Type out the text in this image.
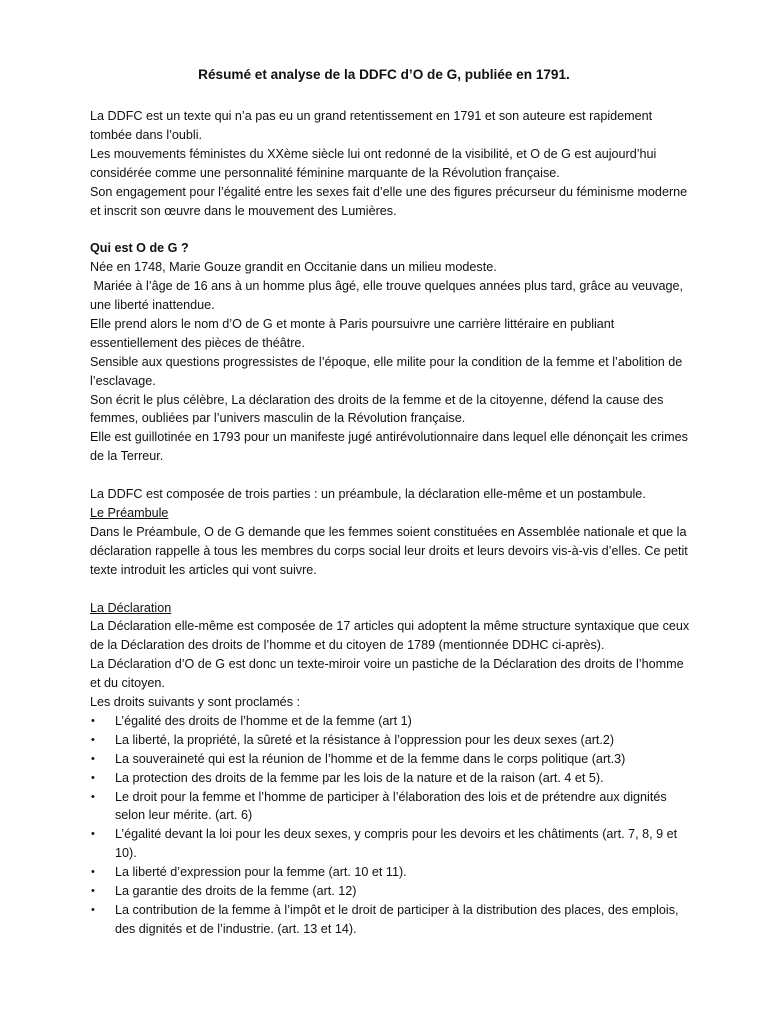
Résumé et analyse de la DDFC d’O de G, publiée en 1791.

La DDFC est un texte qui n’a pas eu un grand retentissement en 1791 et son auteure est rapidement tombée dans l’oubli.

Les mouvements féministes du XXème siècle lui ont redonné de la visibilité, et O de G est aujourd’hui considérée comme une personnalité féminine marquante de la Révolution française.

Son engagement pour l’égalité entre les sexes fait d’elle une des figures précurseur du féminisme moderne et inscrit son œuvre dans le mouvement des Lumières.

Qui est O de G ?

Née en 1748, Marie Gouze grandit en Occitanie dans un milieu modeste.

Mariée à l’âge de 16 ans à un homme plus âgé, elle trouve quelques années plus tard, grâce au veuvage, une liberté inattendue.

Elle prend alors le nom d’O de G et monte à Paris poursuivre une carrière littéraire en publiant essentiellement des pièces de théâtre.

Sensible aux questions progressistes de l’époque, elle milite pour la condition de la femme et l’abolition de l’esclavage.

Son écrit le plus célèbre, La déclaration des droits de la femme et de la citoyenne, défend la cause des femmes, oubliées par l’univers masculin de la Révolution française.

Elle est guillotinée en 1793 pour un manifeste jugé antirévolutionnaire dans lequel elle dénonçait les crimes de la Terreur.

La DDFC est composée de trois parties : un préambule, la déclaration elle-même et un postambule.

Le Préambule

Dans le Préambule, O de G demande que les femmes soient constituées en Assemblée nationale et que la déclaration rappelle à tous les membres du corps social leur droits et leurs devoirs vis-à-vis d’elles. Ce petit texte introduit les articles qui vont suivre.

La Déclaration

La Déclaration elle-même est composée de 17 articles qui adoptent la même structure syntaxique que ceux de la Déclaration des droits de l’homme et du citoyen de 1789 (mentionnée DDHC ci-après).

La Déclaration d’O de G est donc un texte-miroir voire un pastiche de la Déclaration des droits de l’homme et du citoyen.

Les droits suivants y sont proclamés :

• L’égalité des droits de l’homme et de la femme (art 1)
• La liberté, la propriété, la sûreté et la résistance à l’oppression pour les deux sexes (art.2)
• La souveraineté qui est la réunion de l’homme et de la femme dans le corps politique (art.3)
• La protection des droits de la femme par les lois de la nature et de la raison (art. 4 et 5).
• Le droit pour la femme et l’homme de participer à l’élaboration des lois et de prétendre aux dignités selon leur mérite. (art. 6)
• L’égalité devant la loi pour les deux sexes, y compris pour les devoirs et les châtiments (art. 7, 8, 9 et 10).
• La liberté d’expression pour la femme (art. 10 et 11).
• La garantie des droits de la femme (art. 12)
• La contribution de la femme à l’impôt et le droit de participer à la distribution des places, des emplois, des dignités et de l’industrie. (art. 13 et 14).
